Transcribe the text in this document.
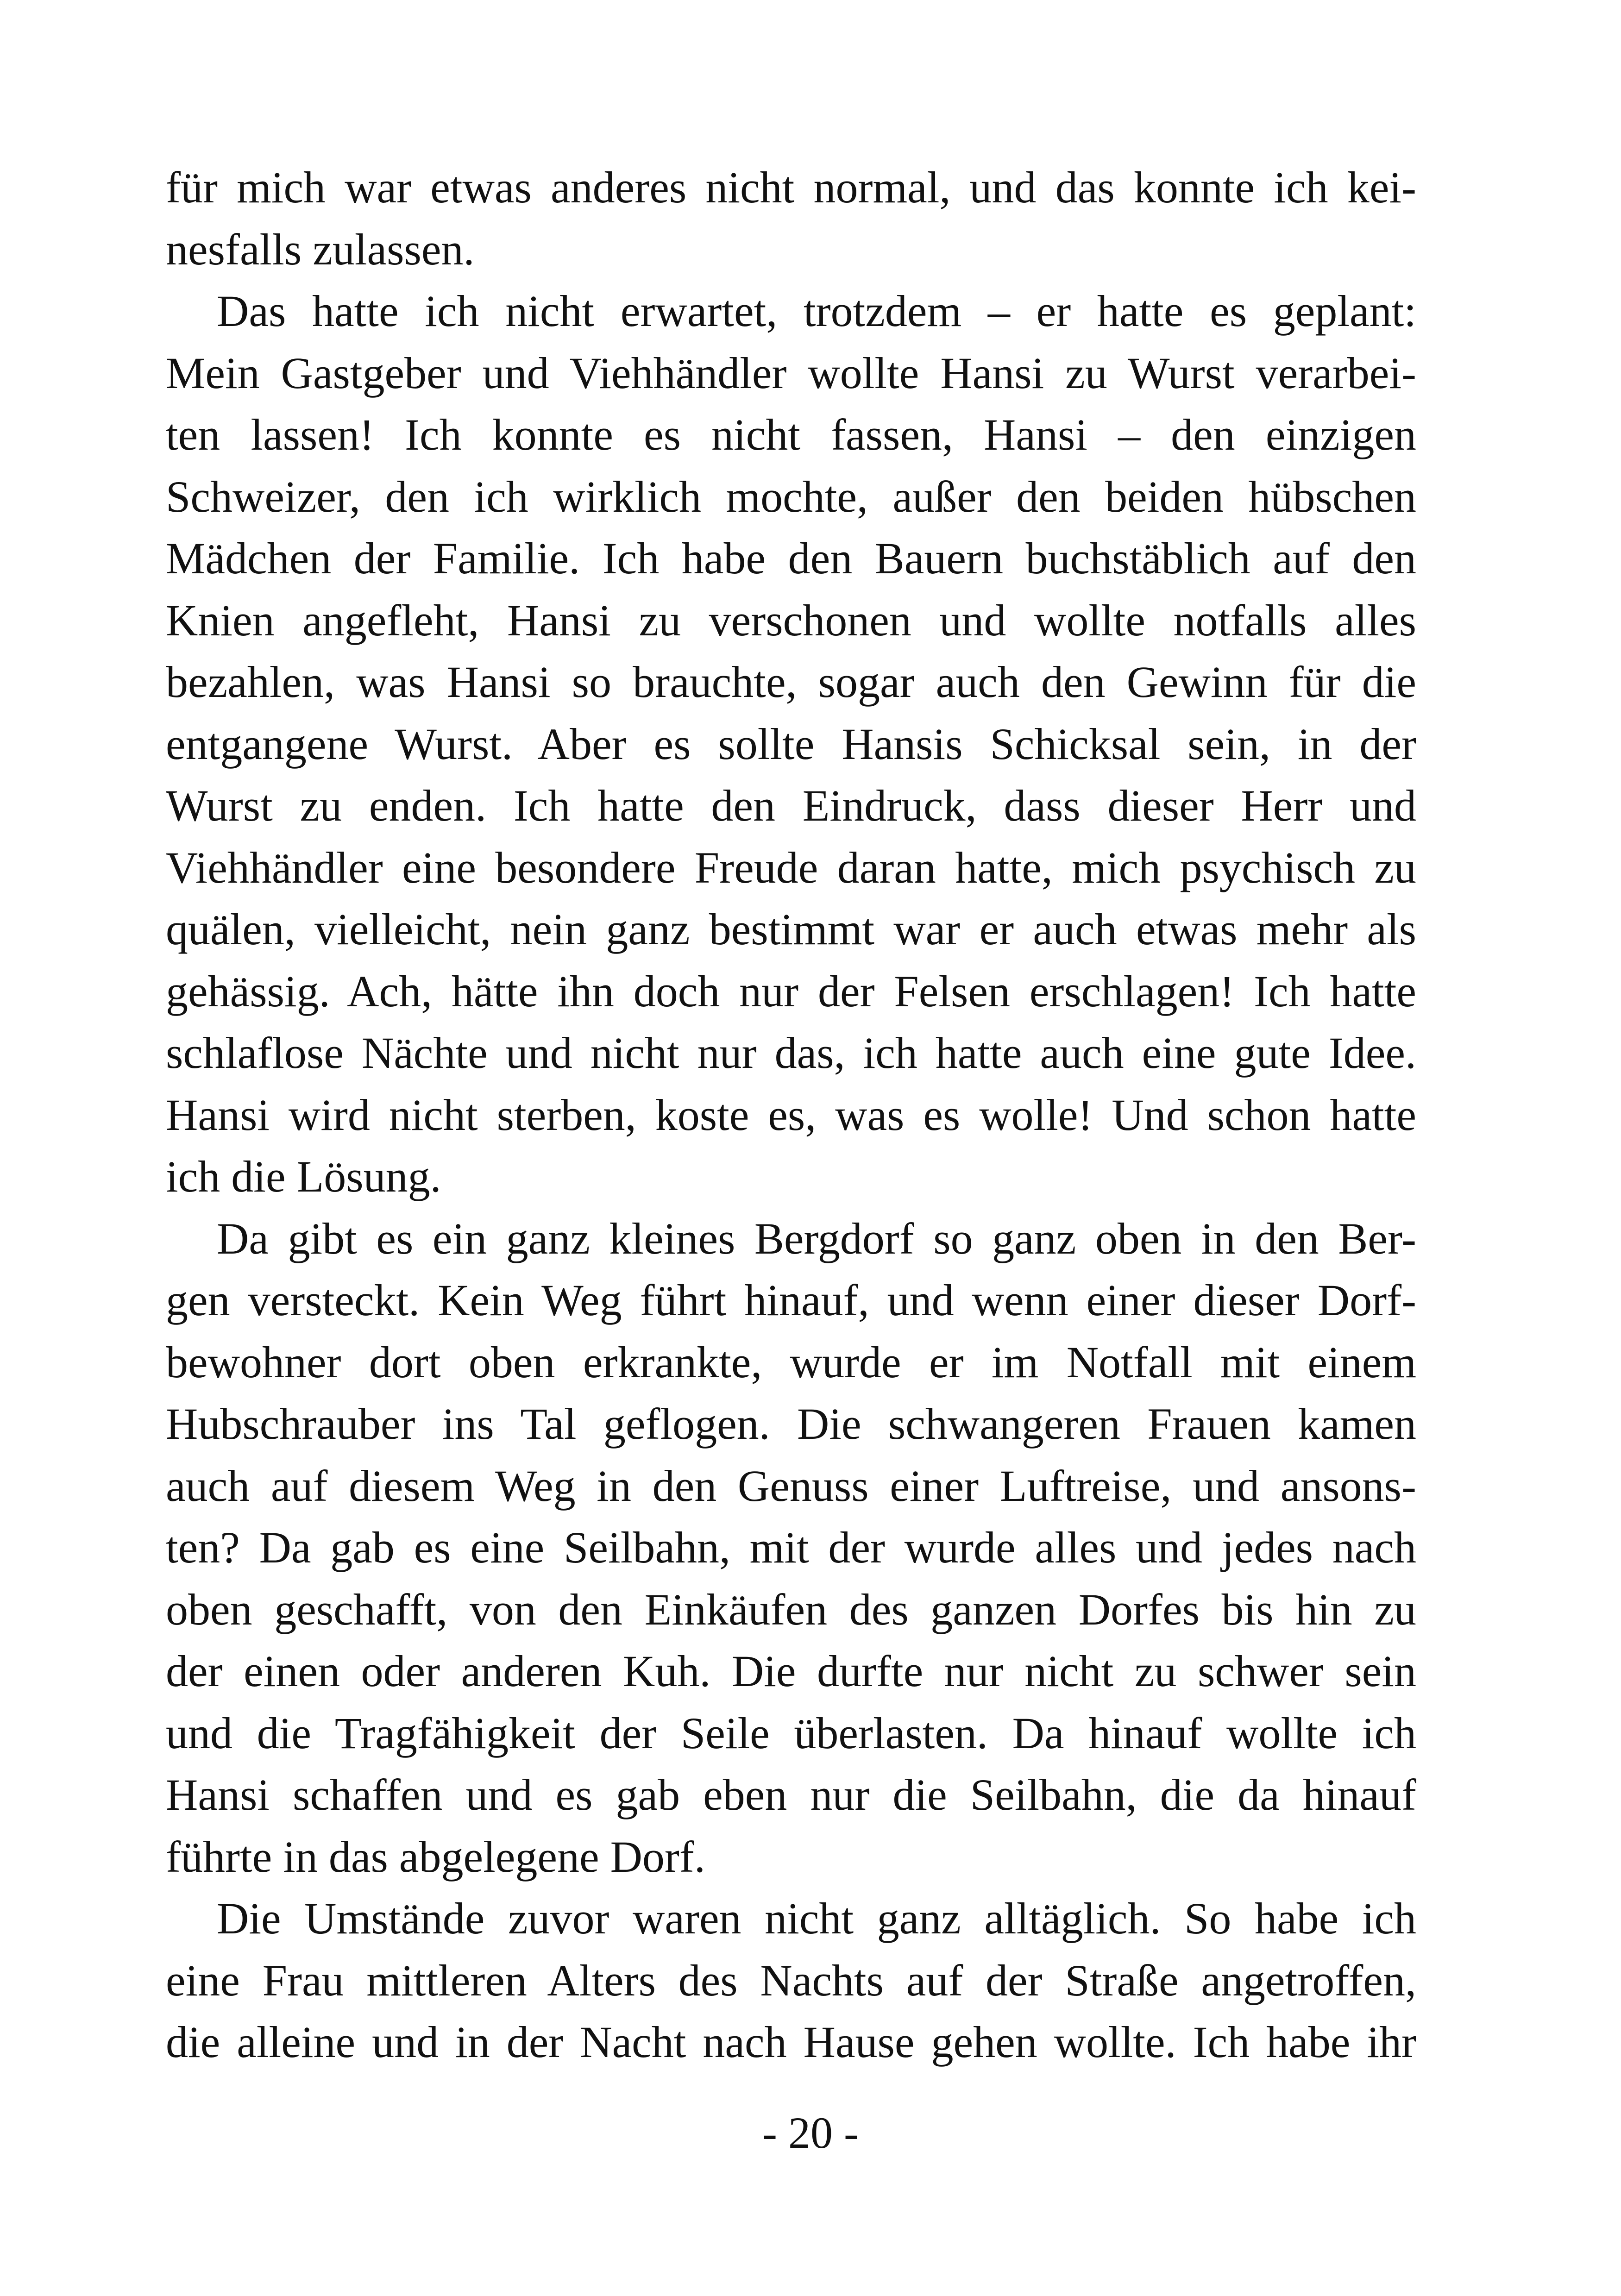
für mich war etwas anderes nicht normal, und das konnte ich kei-
nesfalls zulassen.
Das hatte ich nicht erwartet, trotzdem – er hatte es geplant:
Mein Gastgeber und Viehhändler wollte Hansi zu Wurst verarbei-
ten lassen! Ich konnte es nicht fassen, Hansi – den einzigen
Schweizer, den ich wirklich mochte, außer den beiden hübschen
Mädchen der Familie. Ich habe den Bauern buchstäblich auf den
Knien angefleht, Hansi zu verschonen und wollte notfalls alles
bezahlen, was Hansi so brauchte, sogar auch den Gewinn für die
entgangene Wurst. Aber es sollte Hansis Schicksal sein, in der
Wurst zu enden. Ich hatte den Eindruck, dass dieser Herr und
Viehhändler eine besondere Freude daran hatte, mich psychisch zu
quälen, vielleicht, nein ganz bestimmt war er auch etwas mehr als
gehässig. Ach, hätte ihn doch nur der Felsen erschlagen! Ich hatte
schlaflose Nächte und nicht nur das, ich hatte auch eine gute Idee.
Hansi wird nicht sterben, koste es, was es wolle! Und schon hatte
ich die Lösung.
Da gibt es ein ganz kleines Bergdorf so ganz oben in den Ber-
gen versteckt. Kein Weg führt hinauf, und wenn einer dieser Dorf-
bewohner dort oben erkrankte, wurde er im Notfall mit einem
Hubschrauber ins Tal geflogen. Die schwangeren Frauen kamen
auch auf diesem Weg in den Genuss einer Luftreise, und ansons-
ten? Da gab es eine Seilbahn, mit der wurde alles und jedes nach
oben geschafft, von den Einkäufen des ganzen Dorfes bis hin zu
der einen oder anderen Kuh. Die durfte nur nicht zu schwer sein
und die Tragfähigkeit der Seile überlasten. Da hinauf wollte ich
Hansi schaffen und es gab eben nur die Seilbahn, die da hinauf
führte in das abgelegene Dorf.
Die Umstände zuvor waren nicht ganz alltäglich. So habe ich
eine Frau mittleren Alters des Nachts auf der Straße angetroffen,
die alleine und in der Nacht nach Hause gehen wollte. Ich habe ihr
- 20 -
